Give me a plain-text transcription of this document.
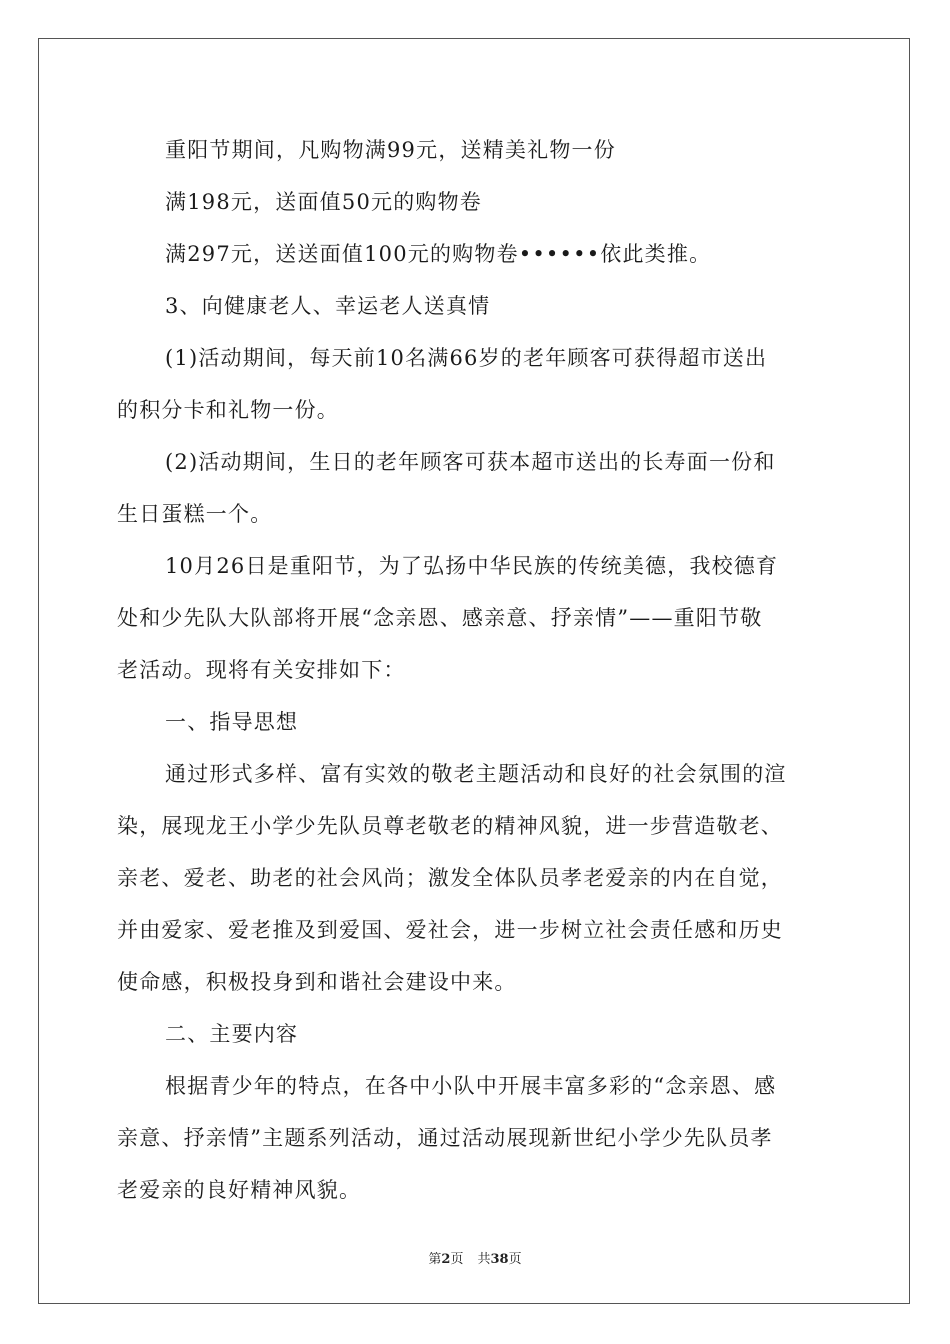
重阳节期间，凡购物满99元，送精美礼物一份
满198元，送面值50元的购物卷
满297元，送送面值100元的购物卷••••••依此类推。
3、向健康老人、幸运老人送真情
(1)活动期间，每天前10名满66岁的老年顾客可获得超市送出
的积分卡和礼物一份。
(2)活动期间，生日的老年顾客可获本超市送出的长寿面一份和
生日蛋糕一个。
10月26日是重阳节，为了弘扬中华民族的传统美德，我校德育
处和少先队大队部将开展“念亲恩、感亲意、抒亲情”——重阳节敬
老活动。现将有关安排如下：
一、指导思想
通过形式多样、富有实效的敬老主题活动和良好的社会氛围的渲
染，展现龙王小学少先队员尊老敬老的精神风貌，进一步营造敬老、
亲老、爱老、助老的社会风尚；激发全体队员孝老爱亲的内在自觉，
并由爱家、爱老推及到爱国、爱社会，进一步树立社会责任感和历史
使命感，积极投身到和谐社会建设中来。
二、主要内容
根据青少年的特点，在各中小队中开展丰富多彩的“念亲恩、感
亲意、抒亲情”主题系列活动，通过活动展现新世纪小学少先队员孝
老爱亲的良好精神风貌。
第2页 共38页
